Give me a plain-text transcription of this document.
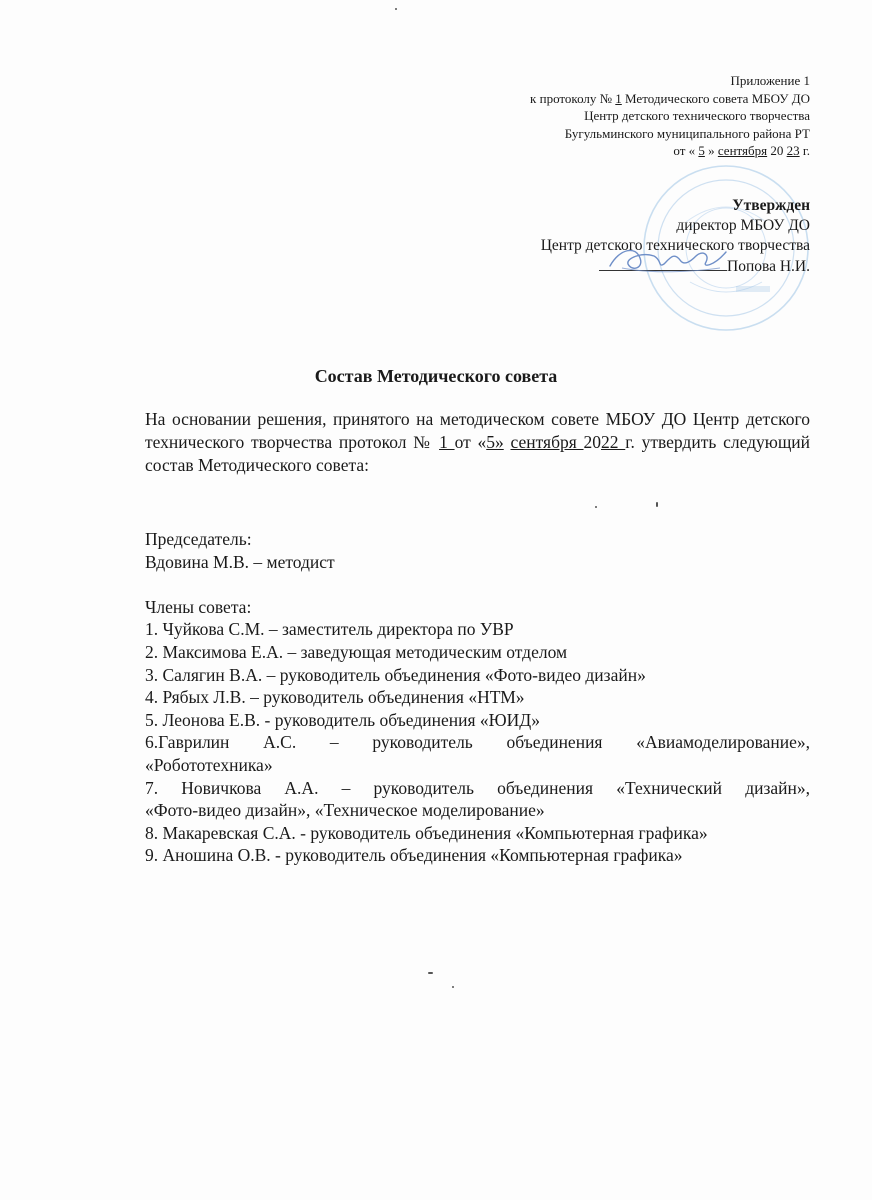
Приложение 1
к протоколу № 1 Методического совета МБОУ ДО
Центр детского технического творчества
Бугульминского муниципального района РТ
от « 5 » сентября 20 23 г.
Утвержден
директор МБОУ ДО
Центр детского технического творчества
Попова Н.И.
Состав Методического совета
На основании решения, принятого на методическом совете МБОУ ДО Центр детского технического творчества протокол № 1 от «5» сентября 2022 г. утвердить следующий состав Методического совета:
Председатель:
Вдовина М.В. – методист
Члены совета:
1. Чуйкова С.М. – заместитель директора по УВР
2. Максимова Е.А. – заведующая методическим отделом
3. Салягин В.А. – руководитель объединения «Фото-видео дизайн»
4. Рябых Л.В. – руководитель объединения «НТМ»
5. Леонова Е.В. - руководитель объединения «ЮИД»
6.Гаврилин А.С. – руководитель объединения «Авиамоделирование»,
«Робототехника»
7. Новичкова А.А. – руководитель объединения «Технический дизайн»,
«Фото-видео дизайн», «Техническое моделирование»
8. Макаревская С.А. - руководитель объединения «Компьютерная графика»
9. Аношина О.В. - руководитель объединения «Компьютерная графика»
